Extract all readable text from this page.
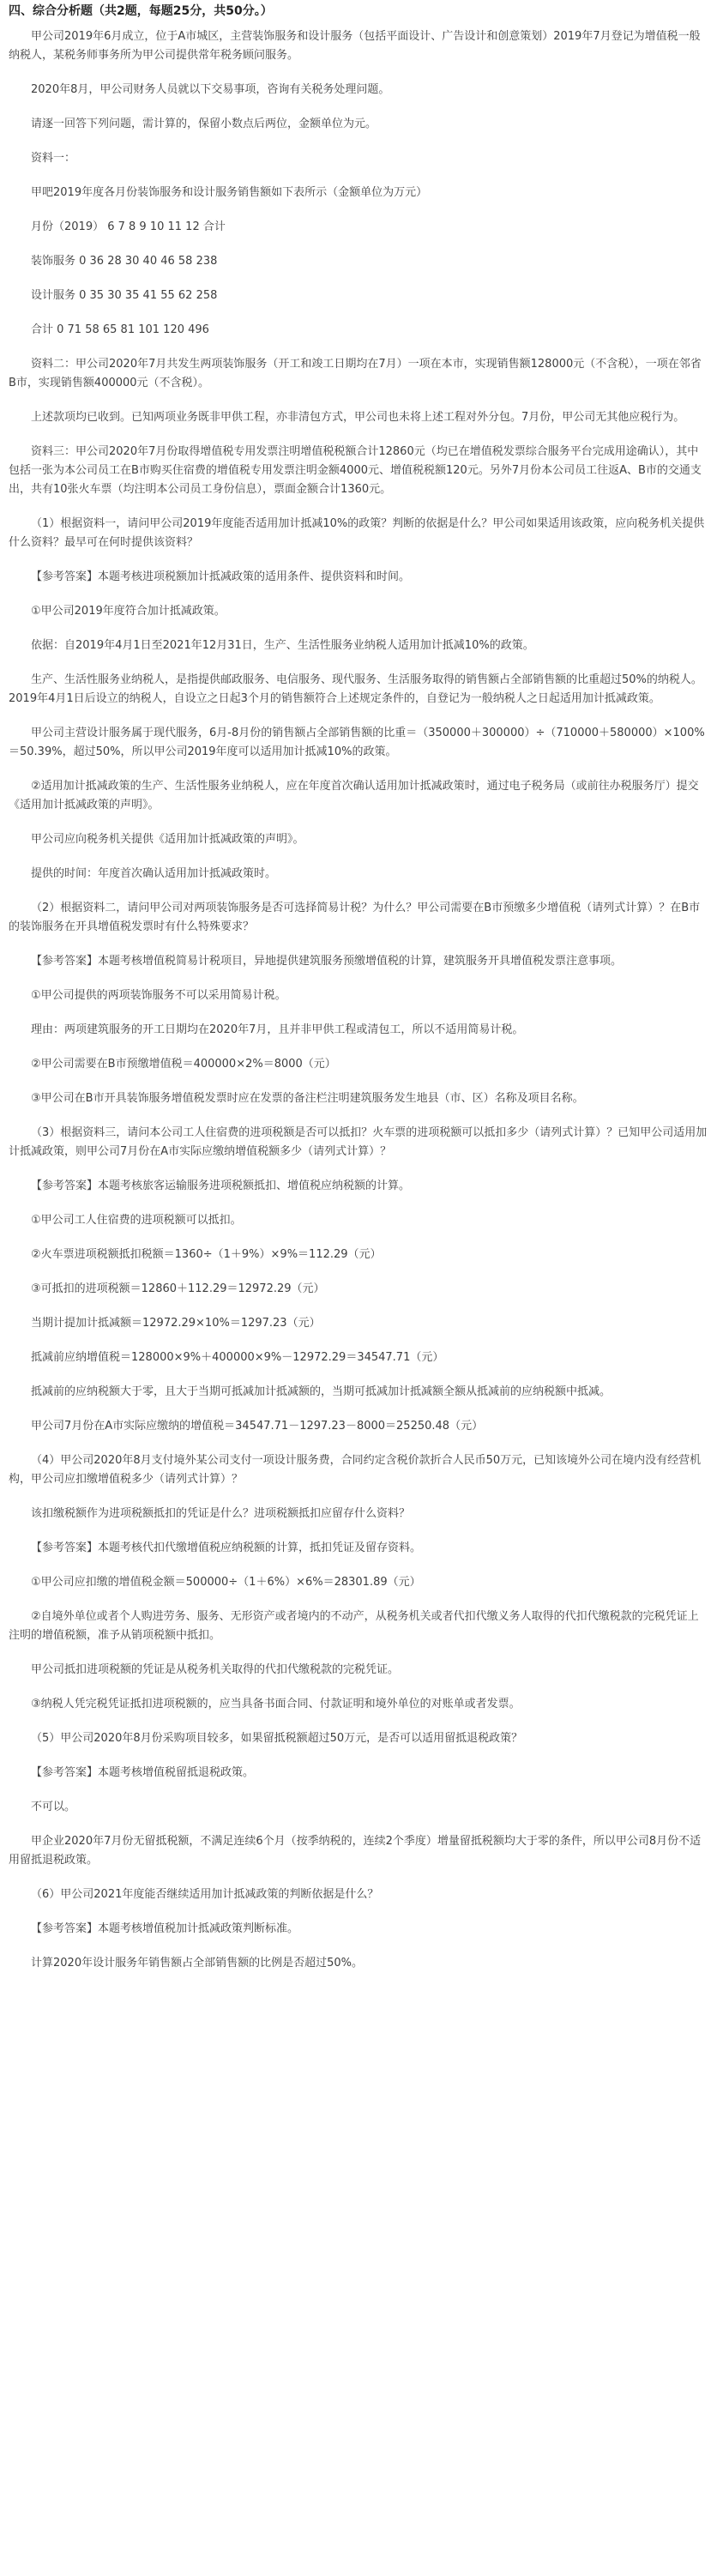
四、综合分析题（共2题，每题25分，共50分。）

甲公司2019年6月成立，位于A市城区，主营装饰服务和设计服务（包括平面设计、广告设计和创意策划）2019年7月登记为增值税一般纳税人，某税务师事务所为甲公司提供常年税务顾问服务。

2020年8月，甲公司财务人员就以下交易事项，咨询有关税务处理问题。

请逐一回答下列问题，需计算的，保留小数点后两位，金额单位为元。

资料一：

甲吧2019年度各月份装饰服务和设计服务销售额如下表所示（金额单位为万元）

月份（2019） 6 7 8 9 10 11 12 合计

装饰服务 0 36 28 30 40 46 58 238

设计服务 0 35 30 35 41 55 62 258

合计 0 71 58 65 81 101 120 496

资料二：甲公司2020年7月共发生两项装饰服务（开工和竣工日期均在7月）一项在本市，实现销售额128000元（不含税），一项在邻省B市，实现销售额400000元（不含税）。

上述款项均已收到。已知两项业务既非甲供工程，亦非清包方式，甲公司也未将上述工程对外分包。7月份，甲公司无其他应税行为。

资料三：甲公司2020年7月份取得增值税专用发票注明增值税税额合计12860元（均已在增值税发票综合服务平台完成用途确认），其中包括一张为本公司员工在B市购买住宿费的增值税专用发票注明金额4000元、增值税税额120元。另外7月份本公司员工往返A、B市的交通支出，共有10张火车票（均注明本公司员工身份信息），票面金额合计1360元。

（1）根据资料一，请问甲公司2019年度能否适用加计抵减10%的政策？判断的依据是什么？甲公司如果适用该政策，应向税务机关提供什么资料？最早可在何时提供该资料？

【参考答案】本题考核进项税额加计抵减政策的适用条件、提供资料和时间。

①甲公司2019年度符合加计抵减政策。

依据：自2019年4月1日至2021年12月31日，生产、生活性服务业纳税人适用加计抵减10%的政策。

生产、生活性服务业纳税人，是指提供邮政服务、电信服务、现代服务、生活服务取得的销售额占全部销售额的比重超过50%的纳税人。2019年4月1日后设立的纳税人，自设立之日起3个月的销售额符合上述规定条件的，自登记为一般纳税人之日起适用加计抵减政策。

甲公司主营设计服务属于现代服务，6月-8月份的销售额占全部销售额的比重＝（350000＋300000）÷（710000＋580000）×100%＝50.39%，超过50%，所以甲公司2019年度可以适用加计抵减10%的政策。

②适用加计抵减政策的生产、生活性服务业纳税人，应在年度首次确认适用加计抵减政策时，通过电子税务局（或前往办税服务厅）提交《适用加计抵减政策的声明》。

甲公司应向税务机关提供《适用加计抵减政策的声明》。

提供的时间：年度首次确认适用加计抵减政策时。

（2）根据资料二，请问甲公司对两项装饰服务是否可选择简易计税？为什么？甲公司需要在B市预缴多少增值税（请列式计算）？在B市的装饰服务在开具增值税发票时有什么特殊要求？

【参考答案】本题考核增值税简易计税项目，异地提供建筑服务预缴增值税的计算，建筑服务开具增值税发票注意事项。

①甲公司提供的两项装饰服务不可以采用简易计税。

理由：两项建筑服务的开工日期均在2020年7月，且并非甲供工程或清包工，所以不适用简易计税。

②甲公司需要在B市预缴增值税＝400000×2%＝8000（元）

③甲公司在B市开具装饰服务增值税发票时应在发票的备注栏注明建筑服务发生地县（市、区）名称及项目名称。

（3）根据资料三，请问本公司工人住宿费的进项税额是否可以抵扣？火车票的进项税额可以抵扣多少（请列式计算）？已知甲公司适用加计抵减政策，则甲公司7月份在A市实际应缴纳增值税额多少（请列式计算）？

【参考答案】本题考核旅客运输服务进项税额抵扣、增值税应纳税额的计算。

①甲公司工人住宿费的进项税额可以抵扣。

②火车票进项税额抵扣税额＝1360÷（1＋9%）×9%＝112.29（元）

③可抵扣的进项税额＝12860＋112.29＝12972.29（元）

当期计提加计抵减额＝12972.29×10%＝1297.23（元）

抵减前应纳增值税＝128000×9%＋400000×9%－12972.29＝34547.71（元）

抵减前的应纳税额大于零，且大于当期可抵减加计抵减额的，当期可抵减加计抵减额全额从抵减前的应纳税额中抵减。

甲公司7月份在A市实际应缴纳的增值税＝34547.71－1297.23－8000＝25250.48（元）

（4）甲公司2020年8月支付境外某公司支付一项设计服务费，合同约定含税价款折合人民币50万元，已知该境外公司在境内没有经营机构，甲公司应扣缴增值税多少（请列式计算）？

该扣缴税额作为进项税额抵扣的凭证是什么？进项税额抵扣应留存什么资料？

【参考答案】本题考核代扣代缴增值税应纳税额的计算，抵扣凭证及留存资料。

①甲公司应扣缴的增值税金额＝500000÷（1＋6%）×6%＝28301.89（元）

②自境外单位或者个人购进劳务、服务、无形资产或者境内的不动产，从税务机关或者代扣代缴义务人取得的代扣代缴税款的完税凭证上注明的增值税额，准予从销项税额中抵扣。

甲公司抵扣进项税额的凭证是从税务机关取得的代扣代缴税款的完税凭证。

③纳税人凭完税凭证抵扣进项税额的，应当具备书面合同、付款证明和境外单位的对账单或者发票。

（5）甲公司2020年8月份采购项目较多，如果留抵税额超过50万元，是否可以适用留抵退税政策？

【参考答案】本题考核增值税留抵退税政策。

不可以。

甲企业2020年7月份无留抵税额，不满足连续6个月（按季纳税的，连续2个季度）增量留抵税额均大于零的条件，所以甲公司8月份不适用留抵退税政策。

（6）甲公司2021年度能否继续适用加计抵减政策的判断依据是什么？

【参考答案】本题考核增值税加计抵减政策判断标准。

计算2020年设计服务年销售额占全部销售额的比例是否超过50%。
